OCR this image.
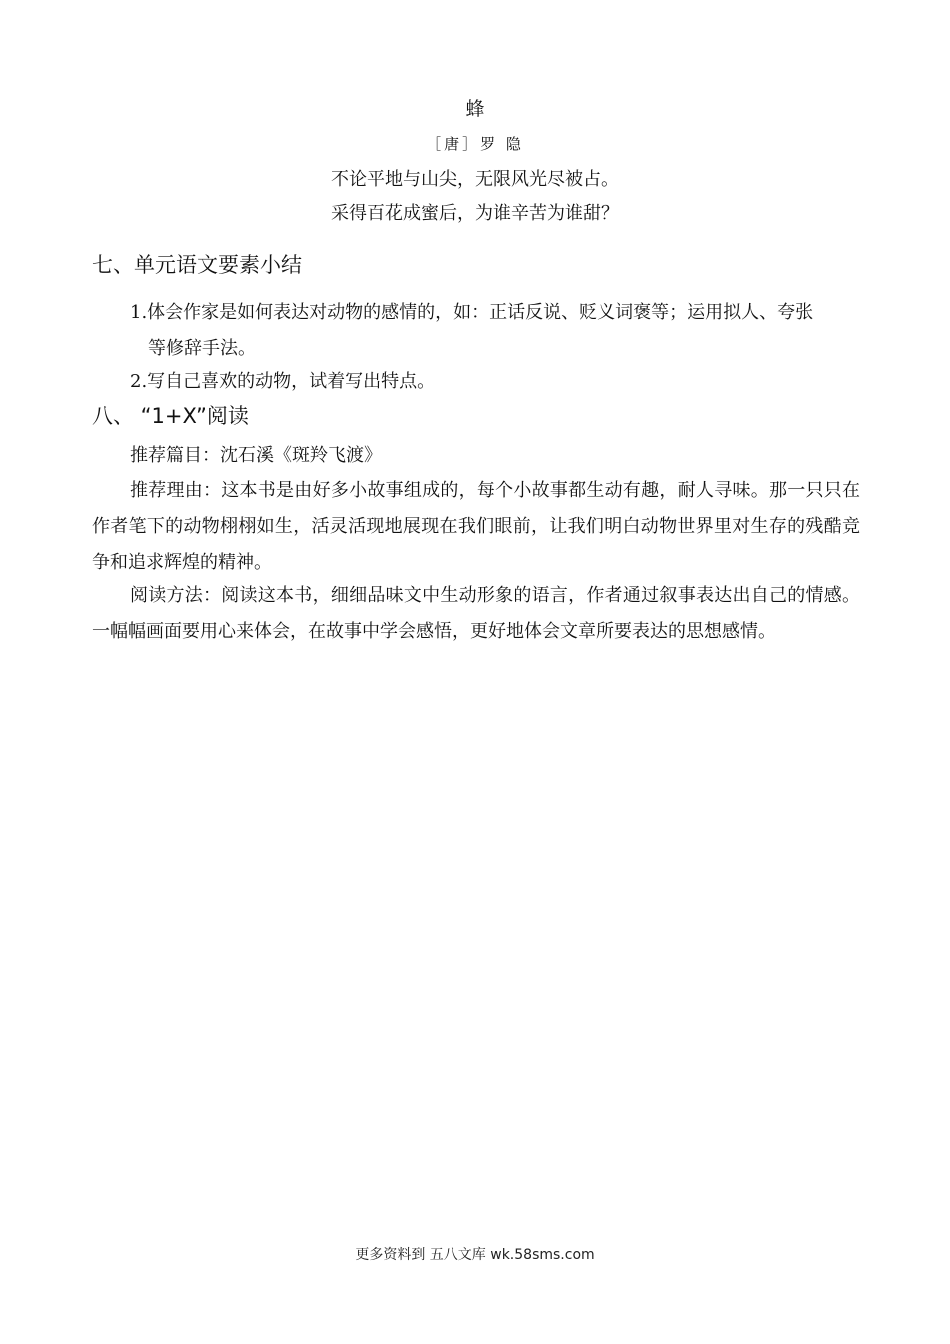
蜂
［唐］罗 隐
不论平地与山尖，无限风光尽被占。
采得百花成蜜后，为谁辛苦为谁甜？
七、单元语文要素小结
1.体会作家是如何表达对动物的感情的，如：正话反说、贬义词褒等；运用拟人、夸张
等修辞手法。
2.写自己喜欢的动物，试着写出特点。
八、 “1+X”阅读
推荐篇目：沈石溪《斑羚飞渡》
推荐理由：这本书是由好多小故事组成的，每个小故事都生动有趣，耐人寻味。那一只只在作者笔下的动物栩栩如生，活灵活现地展现在我们眼前，让我们明白动物世界里对生存的残酷竞争和追求辉煌的精神。
阅读方法：阅读这本书，细细品味文中生动形象的语言，作者通过叙事表达出自己的情感。一幅幅画面要用心来体会，在故事中学会感悟，更好地体会文章所要表达的思想感情。
更多资料到 五八文库 wk.58sms.com
